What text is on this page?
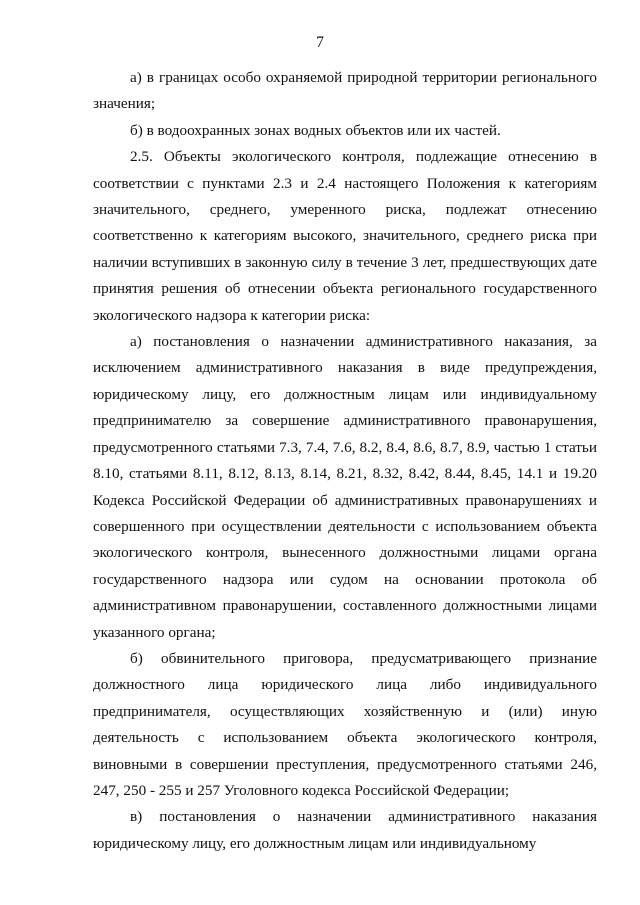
7

а) в границах особо охраняемой природной территории регионального значения;

б) в водоохранных зонах водных объектов или их частей.

2.5. Объекты экологического контроля, подлежащие отнесению в соответствии с пунктами 2.3 и 2.4 настоящего Положения к категориям значительного, среднего, умеренного риска, подлежат отнесению соответственно к категориям высокого, значительного, среднего риска при наличии вступивших в законную силу в течение 3 лет, предшествующих дате принятия решения об отнесении объекта регионального государственного экологического надзора к категории риска:

а) постановления о назначении административного наказания, за исключением административного наказания в виде предупреждения, юридическому лицу, его должностным лицам или индивидуальному предпринимателю за совершение административного правонарушения, предусмотренного статьями 7.3, 7.4, 7.6, 8.2, 8.4, 8.6, 8.7, 8.9, частью 1 статьи 8.10, статьями 8.11, 8.12, 8.13, 8.14, 8.21, 8.32, 8.42, 8.44, 8.45, 14.1 и 19.20 Кодекса Российской Федерации об административных правонарушениях и совершенного при осуществлении деятельности с использованием объекта экологического контроля, вынесенного должностными лицами органа государственного надзора или судом на основании протокола об административном правонарушении, составленного должностными лицами указанного органа;

б) обвинительного приговора, предусматривающего признание должностного лица юридического лица либо индивидуального предпринимателя, осуществляющих хозяйственную и (или) иную деятельность с использованием объекта экологического контроля, виновными в совершении преступления, предусмотренного статьями 246, 247, 250 - 255 и 257 Уголовного кодекса Российской Федерации;

в) постановления о назначении административного наказания юридическому лицу, его должностным лицам или индивидуальному
